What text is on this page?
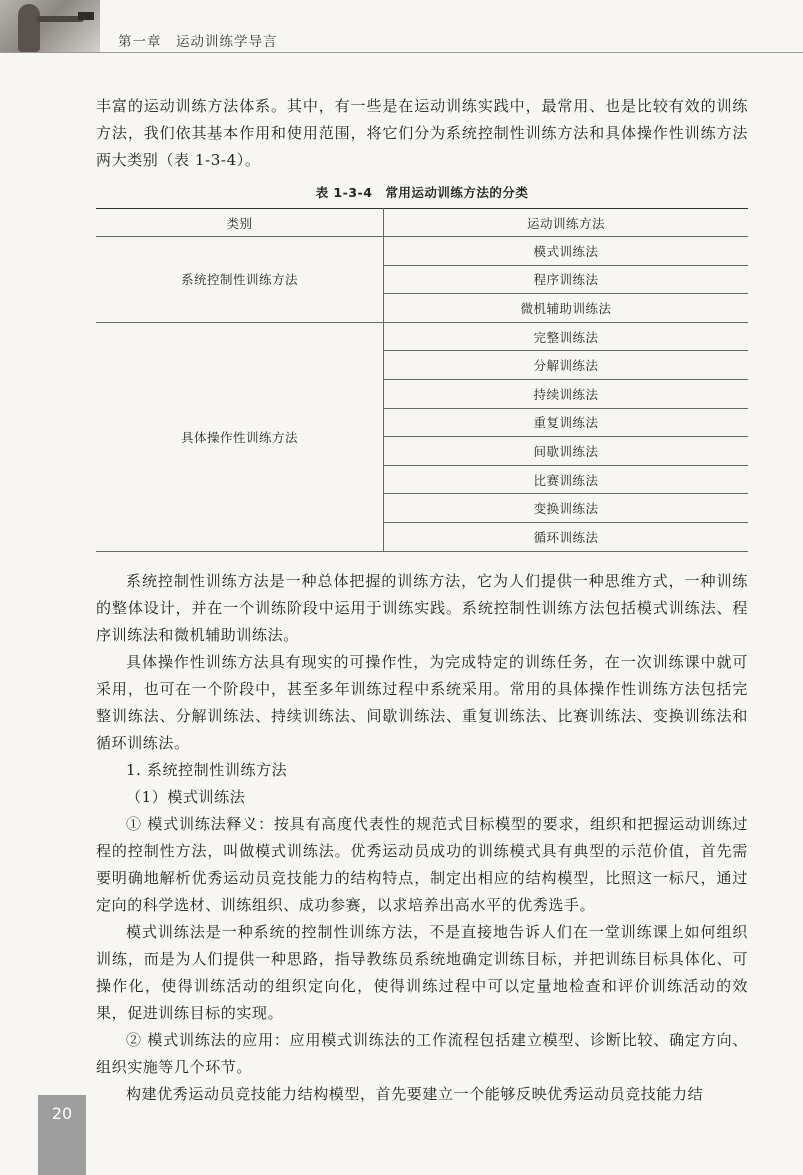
第一章　运动训练学导言

丰富的运动训练方法体系。其中，有一些是在运动训练实践中，最常用、也是比较有效的训练方法，我们依其基本作用和使用范围，将它们分为系统控制性训练方法和具体操作性训练方法两大类别（表 1-3-4）。

表 1-3-4　常用运动训练方法的分类
类别	运动训练方法
系统控制性训练方法	模式训练法
	程序训练法
	微机辅助训练法
具体操作性训练方法	完整训练法
	分解训练法
	持续训练法
	重复训练法
	间歇训练法
	比赛训练法
	变换训练法
	循环训练法

系统控制性训练方法是一种总体把握的训练方法，它为人们提供一种思维方式，一种训练的整体设计，并在一个训练阶段中运用于训练实践。系统控制性训练方法包括模式训练法、程序训练法和微机辅助训练法。

具体操作性训练方法具有现实的可操作性，为完成特定的训练任务，在一次训练课中就可采用，也可在一个阶段中，甚至多年训练过程中系统采用。常用的具体操作性训练方法包括完整训练法、分解训练法、持续训练法、间歇训练法、重复训练法、比赛训练法、变换训练法和循环训练法。

1. 系统控制性训练方法

（1）模式训练法

① 模式训练法释义：按具有高度代表性的规范式目标模型的要求，组织和把握运动训练过程的控制性方法，叫做模式训练法。优秀运动员成功的训练模式具有典型的示范价值，首先需要明确地解析优秀运动员竞技能力的结构特点，制定出相应的结构模型，比照这一标尺，通过定向的科学选材、训练组织、成功参赛，以求培养出高水平的优秀选手。

模式训练法是一种系统的控制性训练方法，不是直接地告诉人们在一堂训练课上如何组织训练，而是为人们提供一种思路，指导教练员系统地确定训练目标，并把训练目标具体化、可操作化，使得训练活动的组织定向化，使得训练过程中可以定量地检查和评价训练活动的效果，促进训练目标的实现。

② 模式训练法的应用：应用模式训练法的工作流程包括建立模型、诊断比较、确定方向、组织实施等几个环节。

构建优秀运动员竞技能力结构模型，首先要建立一个能够反映优秀运动员竞技能力结

20
